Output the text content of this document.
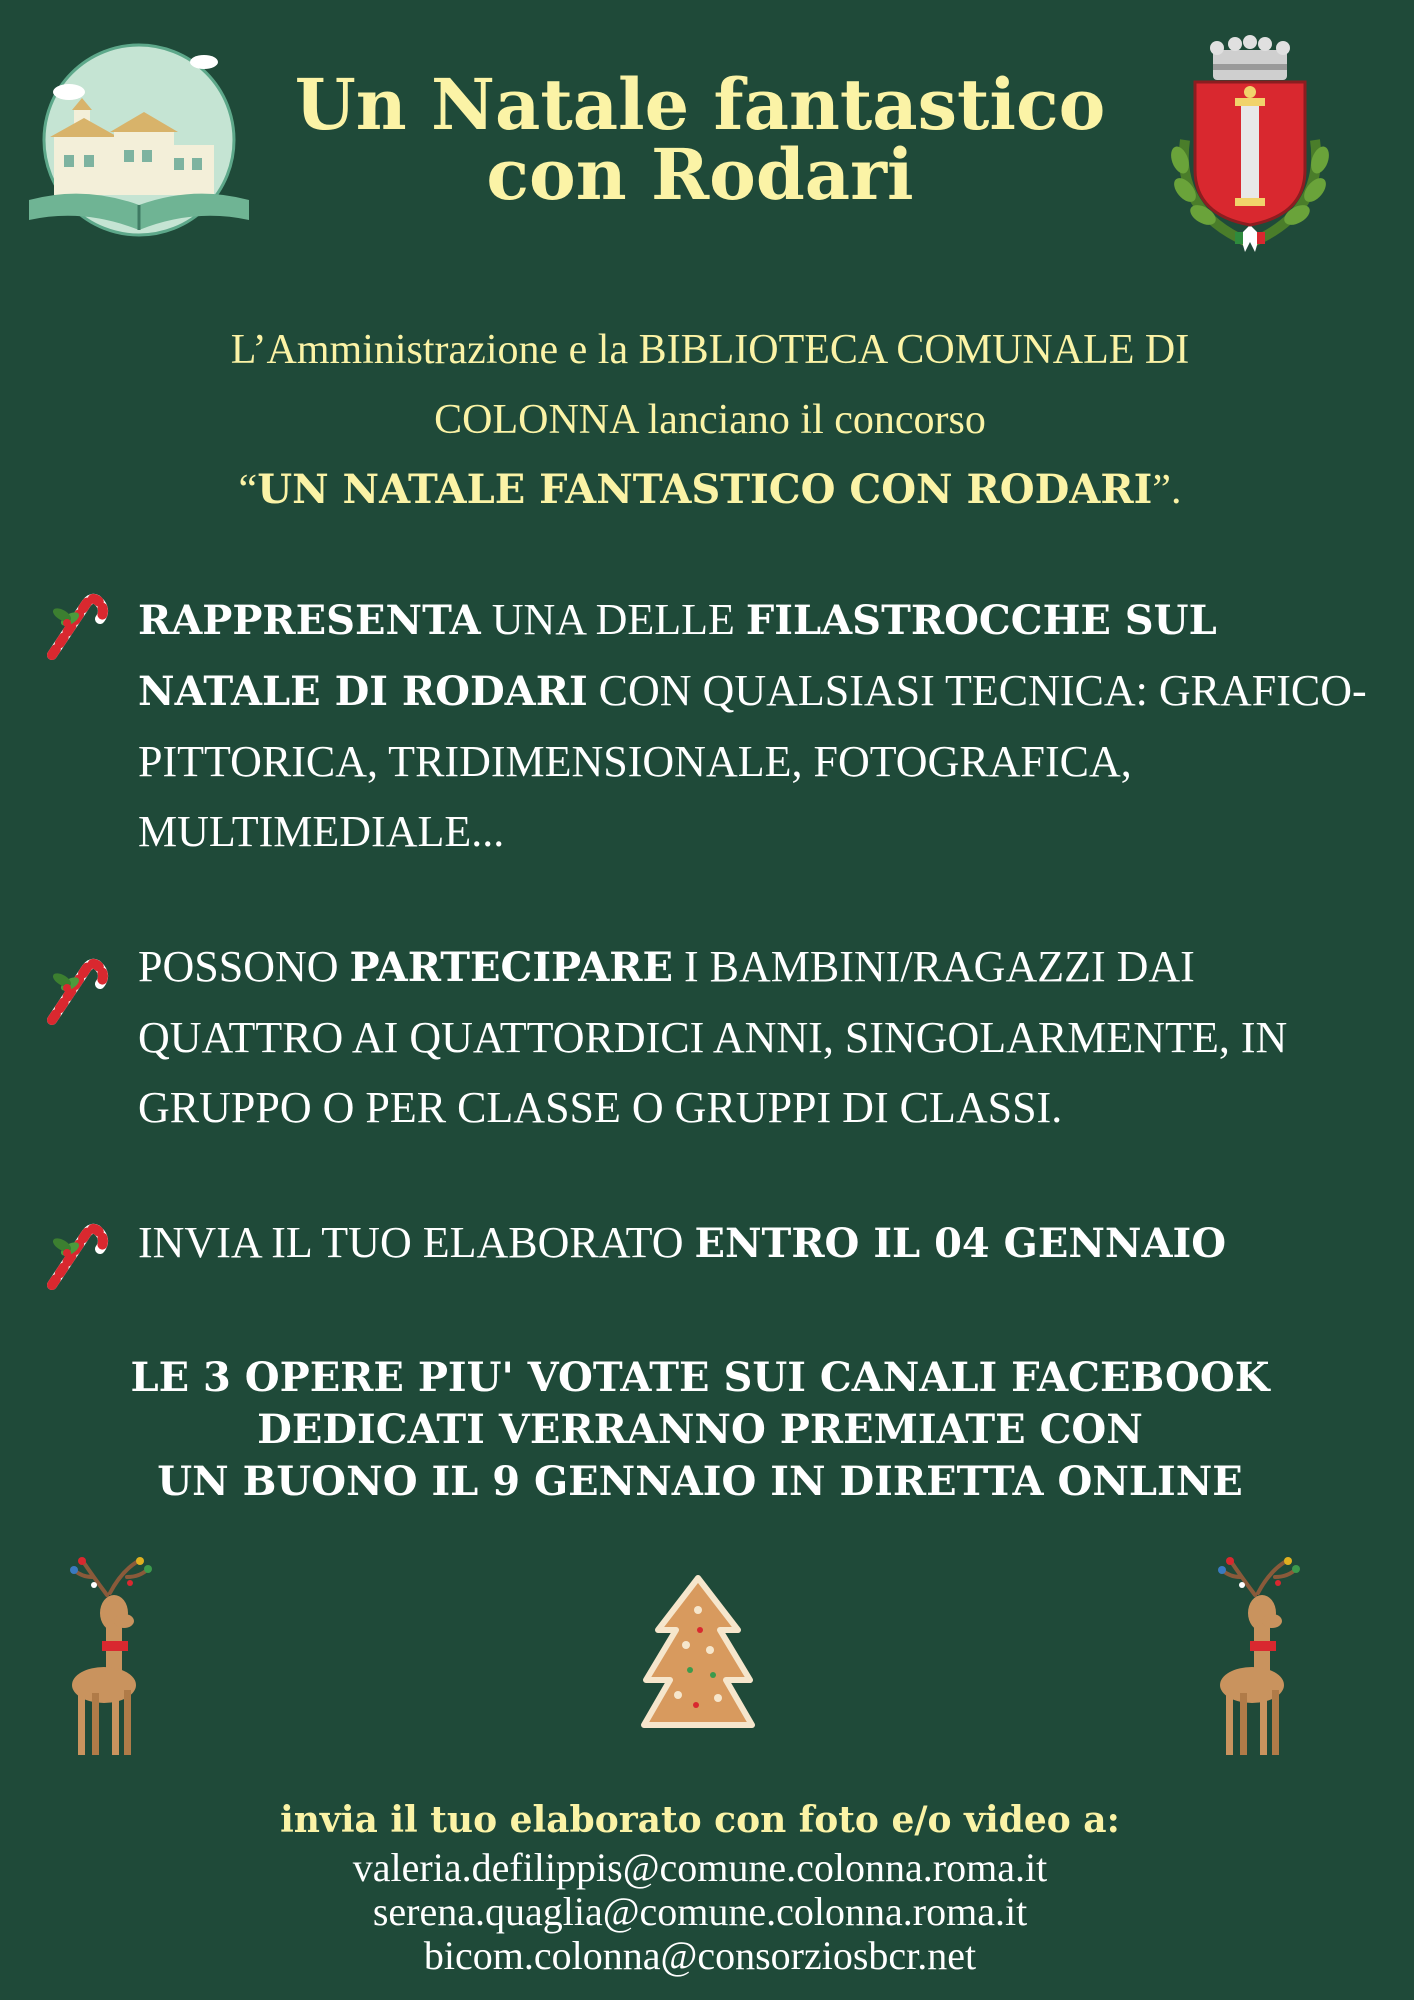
Un Natale fantastico
con Rodari
L’Amministrazione e la BIBLIOTECA COMUNALE DI
COLONNA lanciano il concorso
“UN NATALE FANTASTICO CON RODARI”.
RAPPRESENTA UNA DELLE FILASTROCCHE SUL NATALE DI RODARI CON QUALSIASI TECNICA: GRAFICO-PITTORICA, TRIDIMENSIONALE, FOTOGRAFICA, MULTIMEDIALE...
POSSONO PARTECIPARE I BAMBINI/RAGAZZI DAI QUATTRO AI QUATTORDICI ANNI, SINGOLARMENTE, IN GRUPPO O PER CLASSE O GRUPPI DI CLASSI.
INVIA IL TUO ELABORATO ENTRO IL 04 GENNAIO
LE 3 OPERE PIU' VOTATE SUI CANALI FACEBOOK
DEDICATI VERRANNO PREMIATE CON
UN BUONO IL 9 GENNAIO IN DIRETTA ONLINE
invia il tuo elaborato con foto e/o video a:
valeria.defilippis@comune.colonna.roma.it
serena.quaglia@comune.colonna.roma.it
bicom.colonna@consorziosbcr.net
